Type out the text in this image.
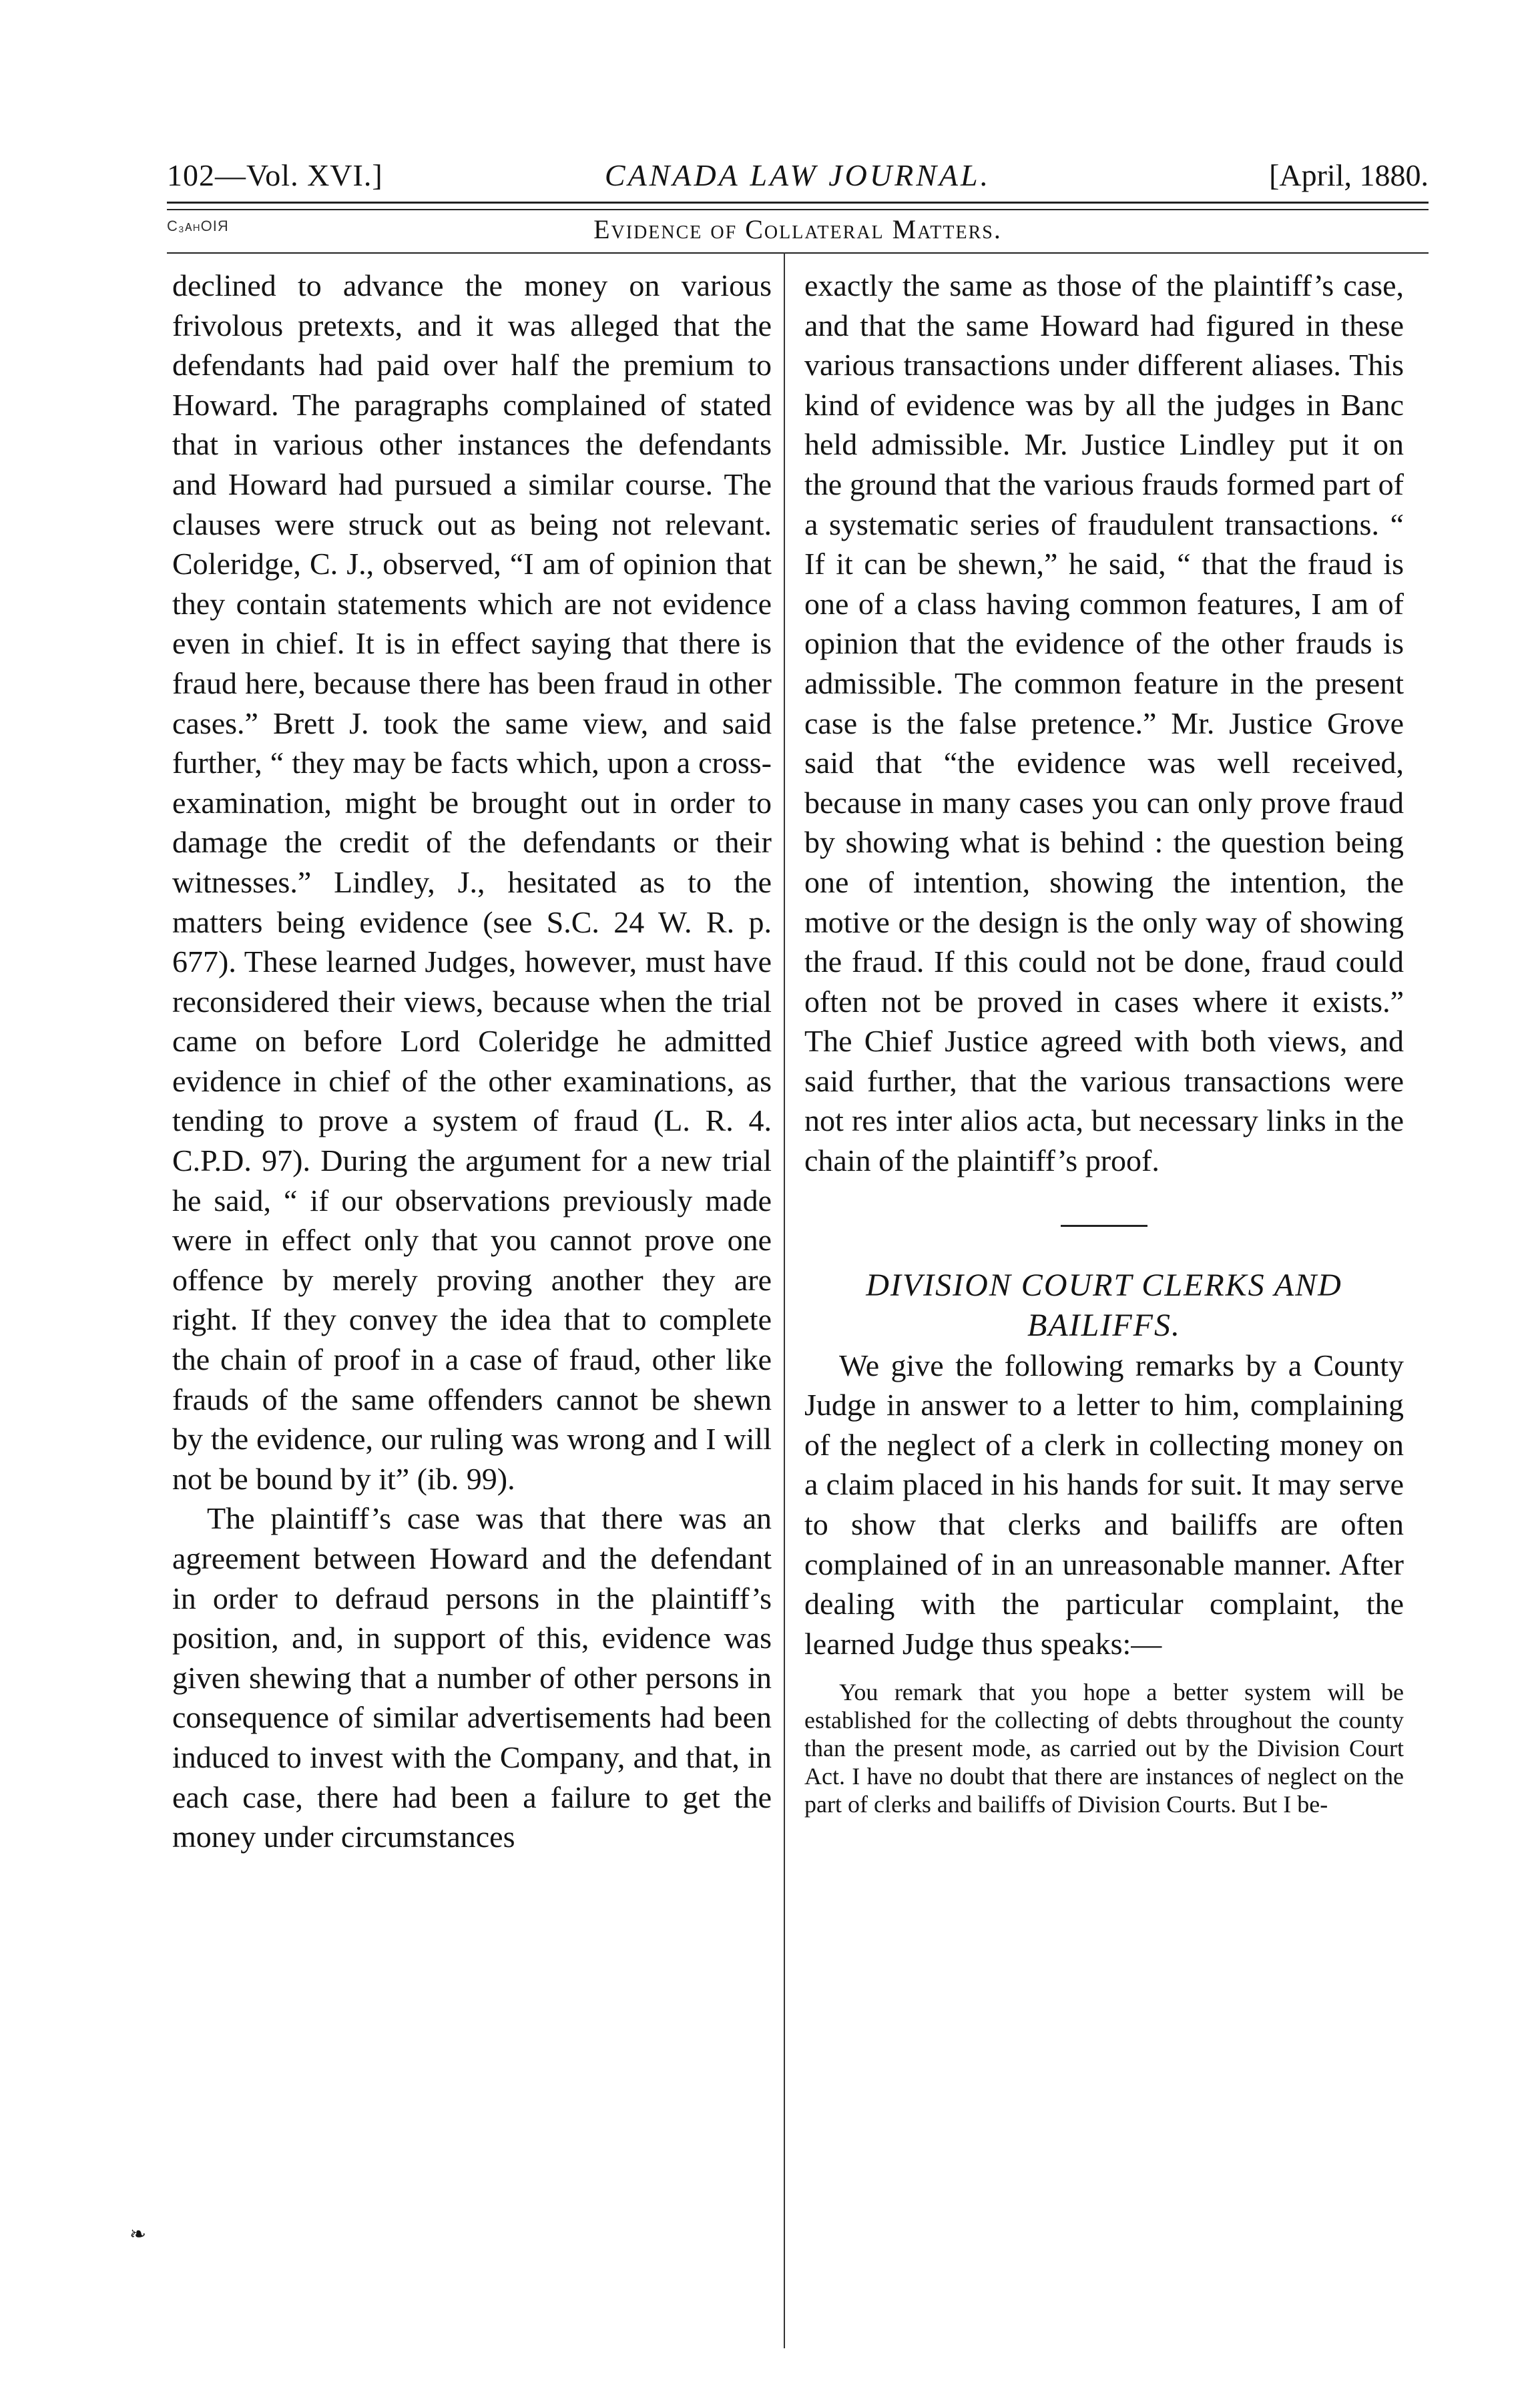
102—Vol. XVI.]	CANADA LAW JOURNAL.	[April, 1880.
C₃ᴀнOIЯ	Evidence of Collateral Matters.

declined to advance the money on various frivolous pretexts, and it was alleged that the defendants had paid over half the premium to Howard. The paragraphs complained of stated that in various other instances the defendants and Howard had pursued a similar course. The clauses were struck out as being not relevant. Coleridge, C. J., observed, “I am of opinion that they contain statements which are not evidence even in chief. It is in effect saying that there is fraud here, because there has been fraud in other cases.” Brett J. took the same view, and said further, “ they may be facts which, upon a cross-examination, might be brought out in order to damage the credit of the defendants or their witnesses.” Lindley, J., hesitated as to the matters being evidence (see S.C. 24 W. R. p. 677). These learned Judges, however, must have reconsidered their views, because when the trial came on before Lord Coleridge he admitted evidence in chief of the other examinations, as tending to prove a system of fraud (L. R. 4. C.P.D. 97). During the argument for a new trial he said, “ if our observations previously made were in effect only that you cannot prove one offence by merely proving another they are right. If they convey the idea that to complete the chain of proof in a case of fraud, other like frauds of the same offenders cannot be shewn by the evidence, our ruling was wrong and I will not be bound by it” (ib. 99).

The plaintiff’s case was that there was an agreement between Howard and the defendant in order to defraud persons in the plaintiff’s position, and, in support of this, evidence was given shewing that a number of other persons in consequence of similar advertisements had been induced to invest with the Company, and that, in each case, there had been a failure to get the money under circumstances

exactly the same as those of the plaintiff’s case, and that the same Howard had figured in these various transactions under different aliases. This kind of evidence was by all the judges in Banc held admissible. Mr. Justice Lindley put it on the ground that the various frauds formed part of a systematic series of fraudulent transactions. “ If it can be shewn,” he said, “ that the fraud is one of a class having common features, I am of opinion that the evidence of the other frauds is admissible. The common feature in the present case is the false pretence.” Mr. Justice Grove said that “the evidence was well received, because in many cases you can only prove fraud by showing what is behind : the question being one of intention, showing the intention, the motive or the design is the only way of showing the fraud. If this could not be done, fraud could often not be proved in cases where it exists.” The Chief Justice agreed with both views, and said further, that the various transactions were not res inter alios acta, but necessary links in the chain of the plaintiff’s proof.

DIVISION COURT CLERKS AND BAILIFFS.

We give the following remarks by a County Judge in answer to a letter to him, complaining of the neglect of a clerk in collecting money on a claim placed in his hands for suit. It may serve to show that clerks and bailiffs are often complained of in an unreasonable manner. After dealing with the particular complaint, the learned Judge thus speaks:—

You remark that you hope a better system will be established for the collecting of debts throughout the county than the present mode, as carried out by the Division Court Act. I have no doubt that there are instances of neglect on the part of clerks and bailiffs of Division Courts. But I be-

❧
